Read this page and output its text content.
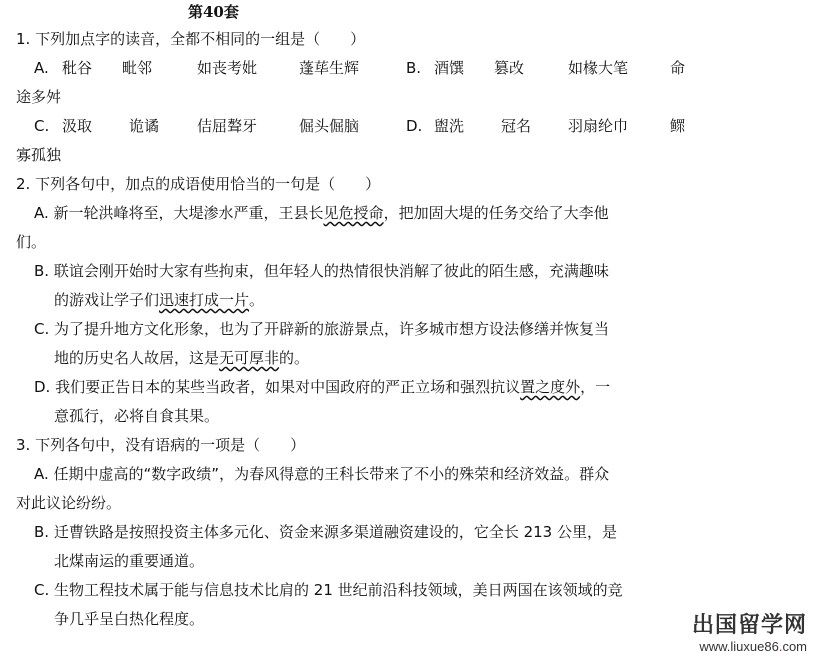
第40套
1. 下列加点字的读音，全都不相同的一组是（　　）
A. 秕谷 毗邻	如丧考妣	蓬荜生辉	B. 酒馔 篡改	如椽大笔	命
途多舛
C. 汲取 诡谲	佶屈聱牙	倔头倔脑	D. 盥洗 冠名 羽扇纶巾	鳏
寡孤独
2. 下列各句中，加点的成语使用恰当的一句是（　　）
A. 新一轮洪峰将至，大堤渗水严重，王县长见危授命，把加固大堤的任务交给了大李他
们。
B. 联谊会刚开始时大家有些拘束，但年轻人的热情很快消解了彼此的陌生感，充满趣味
的游戏让学子们迅速打成一片。
C. 为了提升地方文化形象，也为了开辟新的旅游景点，许多城市想方设法修缮并恢复当
地的历史名人故居，这是无可厚非的。
D. 我们要正告日本的某些当政者，如果对中国政府的严正立场和强烈抗议置之度外，一
意孤行，必将自食其果。
3. 下列各句中，没有语病的一项是（　　）
A. 任期中虚高的“数字政绩”，为春风得意的王科长带来了不小的殊荣和经济效益。群众
对此议论纷纷。
B. 迁曹铁路是按照投资主体多元化、资金来源多渠道融资建设的，它全长 213 公里，是
北煤南运的重要通道。
C. 生物工程技术属于能与信息技术比肩的 21 世纪前沿科技领域，美日两国在该领域的竞
争几乎呈白热化程度。	出国留学网
www.liuxue86.com
